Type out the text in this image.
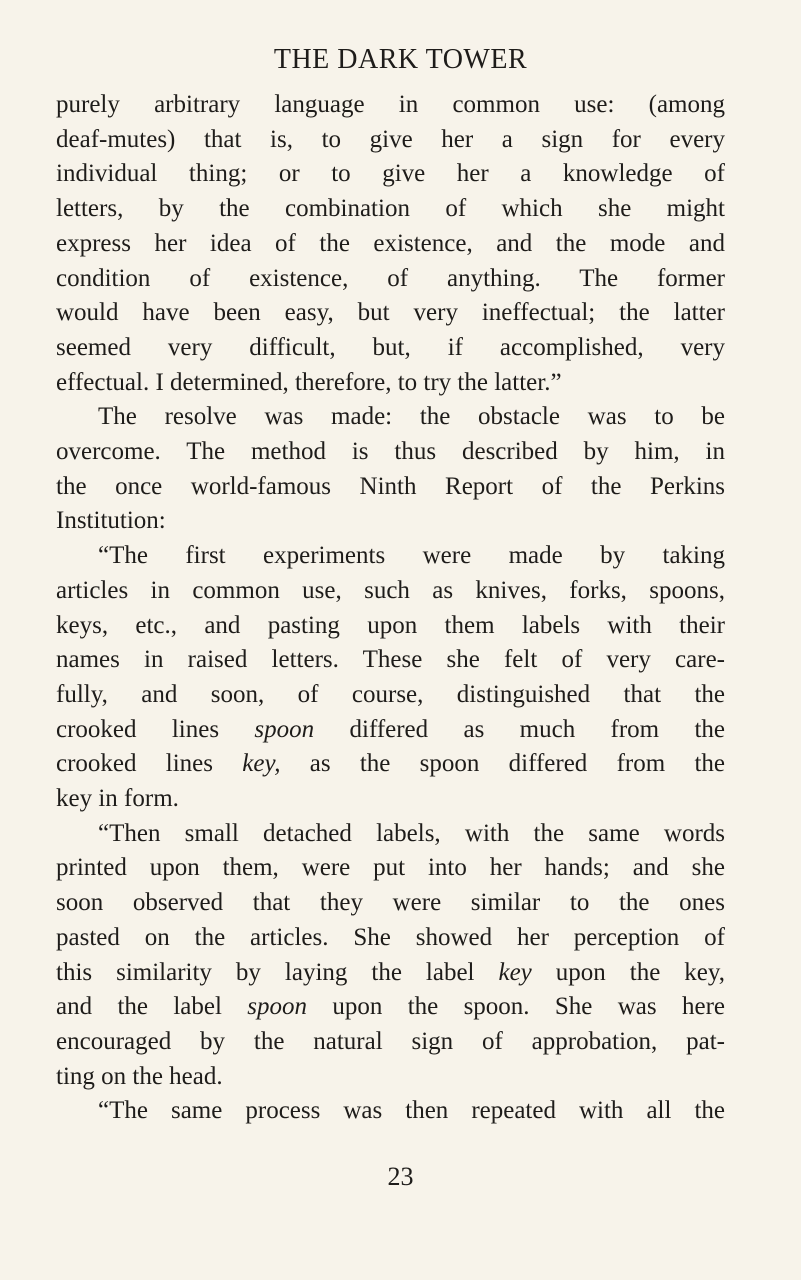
THE DARK TOWER
purely arbitrary language in common use: (among
deaf-mutes) that is, to give her a sign for every
individual thing; or to give her a knowledge of
letters, by the combination of which she might
express her idea of the existence, and the mode and
condition of existence, of anything. The former
would have been easy, but very ineffectual; the latter
seemed very difficult, but, if accomplished, very
effectual. I determined, therefore, to try the latter.”
The resolve was made: the obstacle was to be
overcome. The method is thus described by him, in
the once world-famous Ninth Report of the Perkins
Institution:
“The first experiments were made by taking
articles in common use, such as knives, forks, spoons,
keys, etc., and pasting upon them labels with their
names in raised letters. These she felt of very care-
fully, and soon, of course, distinguished that the
crooked lines spoon differed as much from the
crooked lines key, as the spoon differed from the
key in form.
“Then small detached labels, with the same words
printed upon them, were put into her hands; and she
soon observed that they were similar to the ones
pasted on the articles. She showed her perception of
this similarity by laying the label key upon the key,
and the label spoon upon the spoon. She was here
encouraged by the natural sign of approbation, pat-
ting on the head.
“The same process was then repeated with all the
23
